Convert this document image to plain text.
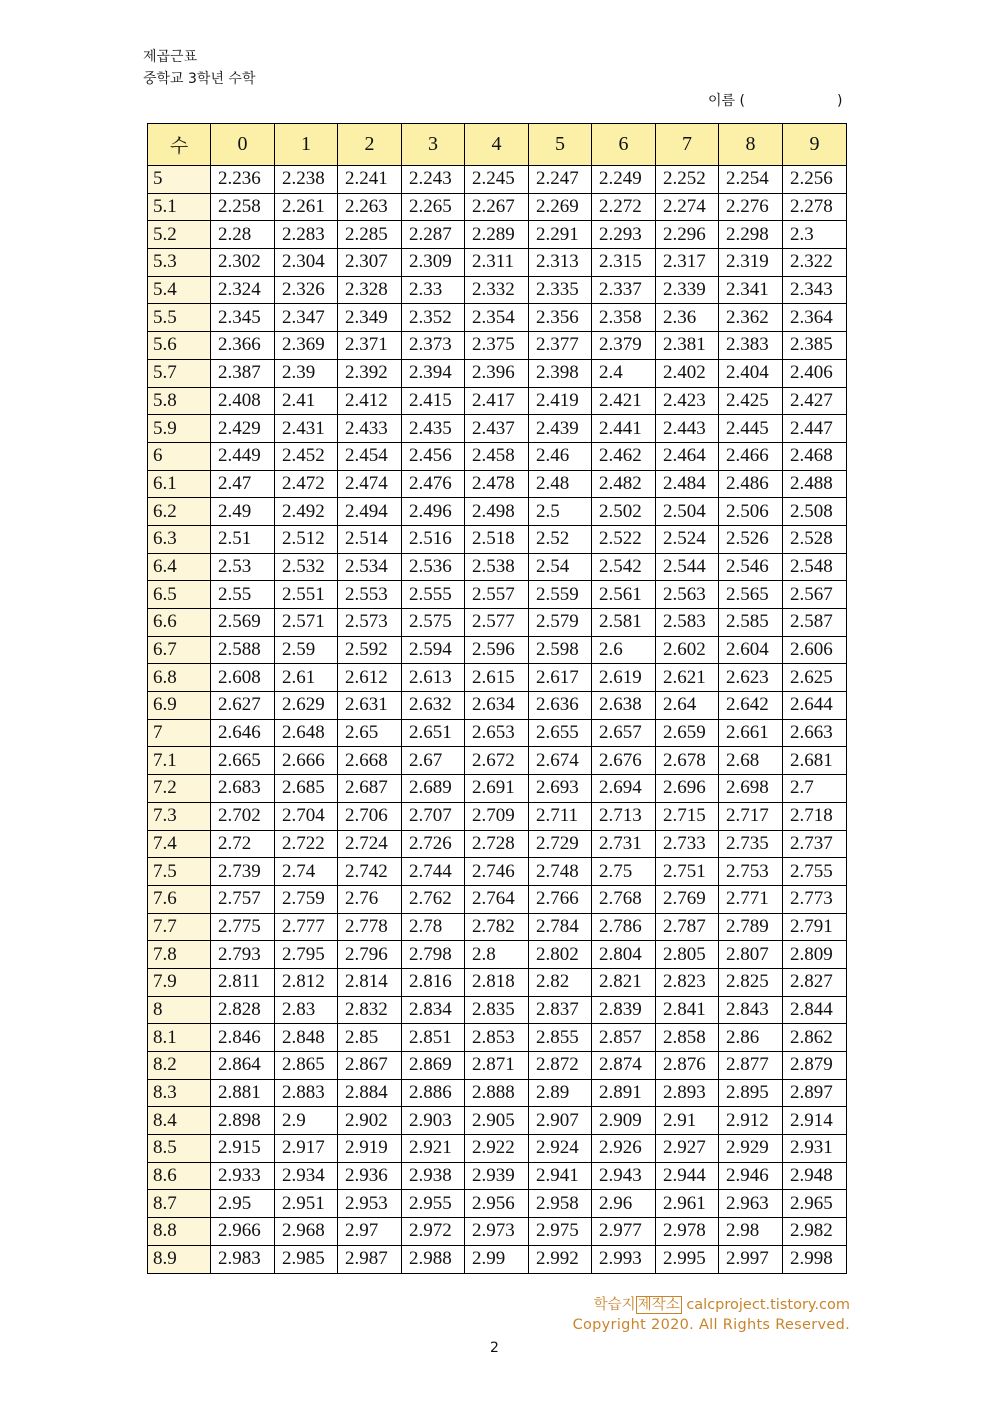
제곱근표
중학교 3학년 수학
이름 (	)
수	0	1	2	3	4	5	6	7	8	9
5	2.236	2.238	2.241	2.243	2.245	2.247	2.249	2.252	2.254	2.256
5.1	2.258	2.261	2.263	2.265	2.267	2.269	2.272	2.274	2.276	2.278
5.2	2.28	2.283	2.285	2.287	2.289	2.291	2.293	2.296	2.298	2.3
5.3	2.302	2.304	2.307	2.309	2.311	2.313	2.315	2.317	2.319	2.322
5.4	2.324	2.326	2.328	2.33	2.332	2.335	2.337	2.339	2.341	2.343
5.5	2.345	2.347	2.349	2.352	2.354	2.356	2.358	2.36	2.362	2.364
5.6	2.366	2.369	2.371	2.373	2.375	2.377	2.379	2.381	2.383	2.385
5.7	2.387	2.39	2.392	2.394	2.396	2.398	2.4	2.402	2.404	2.406
5.8	2.408	2.41	2.412	2.415	2.417	2.419	2.421	2.423	2.425	2.427
5.9	2.429	2.431	2.433	2.435	2.437	2.439	2.441	2.443	2.445	2.447
6	2.449	2.452	2.454	2.456	2.458	2.46	2.462	2.464	2.466	2.468
6.1	2.47	2.472	2.474	2.476	2.478	2.48	2.482	2.484	2.486	2.488
6.2	2.49	2.492	2.494	2.496	2.498	2.5	2.502	2.504	2.506	2.508
6.3	2.51	2.512	2.514	2.516	2.518	2.52	2.522	2.524	2.526	2.528
6.4	2.53	2.532	2.534	2.536	2.538	2.54	2.542	2.544	2.546	2.548
6.5	2.55	2.551	2.553	2.555	2.557	2.559	2.561	2.563	2.565	2.567
6.6	2.569	2.571	2.573	2.575	2.577	2.579	2.581	2.583	2.585	2.587
6.7	2.588	2.59	2.592	2.594	2.596	2.598	2.6	2.602	2.604	2.606
6.8	2.608	2.61	2.612	2.613	2.615	2.617	2.619	2.621	2.623	2.625
6.9	2.627	2.629	2.631	2.632	2.634	2.636	2.638	2.64	2.642	2.644
7	2.646	2.648	2.65	2.651	2.653	2.655	2.657	2.659	2.661	2.663
7.1	2.665	2.666	2.668	2.67	2.672	2.674	2.676	2.678	2.68	2.681
7.2	2.683	2.685	2.687	2.689	2.691	2.693	2.694	2.696	2.698	2.7
7.3	2.702	2.704	2.706	2.707	2.709	2.711	2.713	2.715	2.717	2.718
7.4	2.72	2.722	2.724	2.726	2.728	2.729	2.731	2.733	2.735	2.737
7.5	2.739	2.74	2.742	2.744	2.746	2.748	2.75	2.751	2.753	2.755
7.6	2.757	2.759	2.76	2.762	2.764	2.766	2.768	2.769	2.771	2.773
7.7	2.775	2.777	2.778	2.78	2.782	2.784	2.786	2.787	2.789	2.791
7.8	2.793	2.795	2.796	2.798	2.8	2.802	2.804	2.805	2.807	2.809
7.9	2.811	2.812	2.814	2.816	2.818	2.82	2.821	2.823	2.825	2.827
8	2.828	2.83	2.832	2.834	2.835	2.837	2.839	2.841	2.843	2.844
8.1	2.846	2.848	2.85	2.851	2.853	2.855	2.857	2.858	2.86	2.862
8.2	2.864	2.865	2.867	2.869	2.871	2.872	2.874	2.876	2.877	2.879
8.3	2.881	2.883	2.884	2.886	2.888	2.89	2.891	2.893	2.895	2.897
8.4	2.898	2.9	2.902	2.903	2.905	2.907	2.909	2.91	2.912	2.914
8.5	2.915	2.917	2.919	2.921	2.922	2.924	2.926	2.927	2.929	2.931
8.6	2.933	2.934	2.936	2.938	2.939	2.941	2.943	2.944	2.946	2.948
8.7	2.95	2.951	2.953	2.955	2.956	2.958	2.96	2.961	2.963	2.965
8.8	2.966	2.968	2.97	2.972	2.973	2.975	2.977	2.978	2.98	2.982
8.9	2.983	2.985	2.987	2.988	2.99	2.992	2.993	2.995	2.997	2.998
학습지 제작소 calcproject.tistory.com
Copyright 2020. All Rights Reserved.
2
